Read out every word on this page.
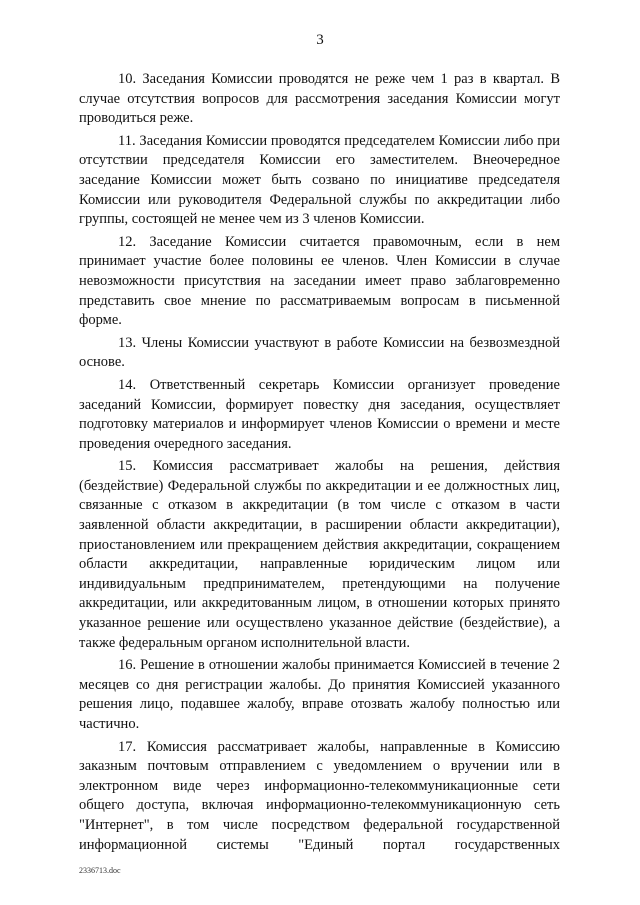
3

10. Заседания Комиссии проводятся не реже чем 1 раз в квартал. В случае отсутствия вопросов для рассмотрения заседания Комиссии могут проводиться реже.

11. Заседания Комиссии проводятся председателем Комиссии либо при отсутствии председателя Комиссии его заместителем. Внеочередное заседание Комиссии может быть созвано по инициативе председателя Комиссии или руководителя Федеральной службы по аккредитации либо группы, состоящей не менее чем из 3 членов Комиссии.

12. Заседание Комиссии считается правомочным, если в нем принимает участие более половины ее членов. Член Комиссии в случае невозможности присутствия на заседании имеет право заблаговременно представить свое мнение по рассматриваемым вопросам в письменной форме.

13. Члены Комиссии участвуют в работе Комиссии на безвозмездной основе.

14. Ответственный секретарь Комиссии организует проведение заседаний Комиссии, формирует повестку дня заседания, осуществляет подготовку материалов и информирует членов Комиссии о времени и месте проведения очередного заседания.

15. Комиссия рассматривает жалобы на решения, действия (бездействие) Федеральной службы по аккредитации и ее должностных лиц, связанные с отказом в аккредитации (в том числе с отказом в части заявленной области аккредитации, в расширении области аккредитации), приостановлением или прекращением действия аккредитации, сокращением области аккредитации, направленные юридическим лицом или индивидуальным предпринимателем, претендующими на получение аккредитации, или аккредитованным лицом, в отношении которых принято указанное решение или осуществлено указанное действие (бездействие), а также федеральным органом исполнительной власти.

16. Решение в отношении жалобы принимается Комиссией в течение 2 месяцев со дня регистрации жалобы. До принятия Комиссией указанного решения лицо, подавшее жалобу, вправе отозвать жалобу полностью или частично.

17. Комиссия рассматривает жалобы, направленные в Комиссию заказным почтовым отправлением с уведомлением о вручении или в электронном виде через информационно-телекоммуникационные сети общего доступа, включая информационно-телекоммуникационную сеть "Интернет", в том числе посредством федеральной государственной информационной системы "Единый портал государственных

2336713.doc
